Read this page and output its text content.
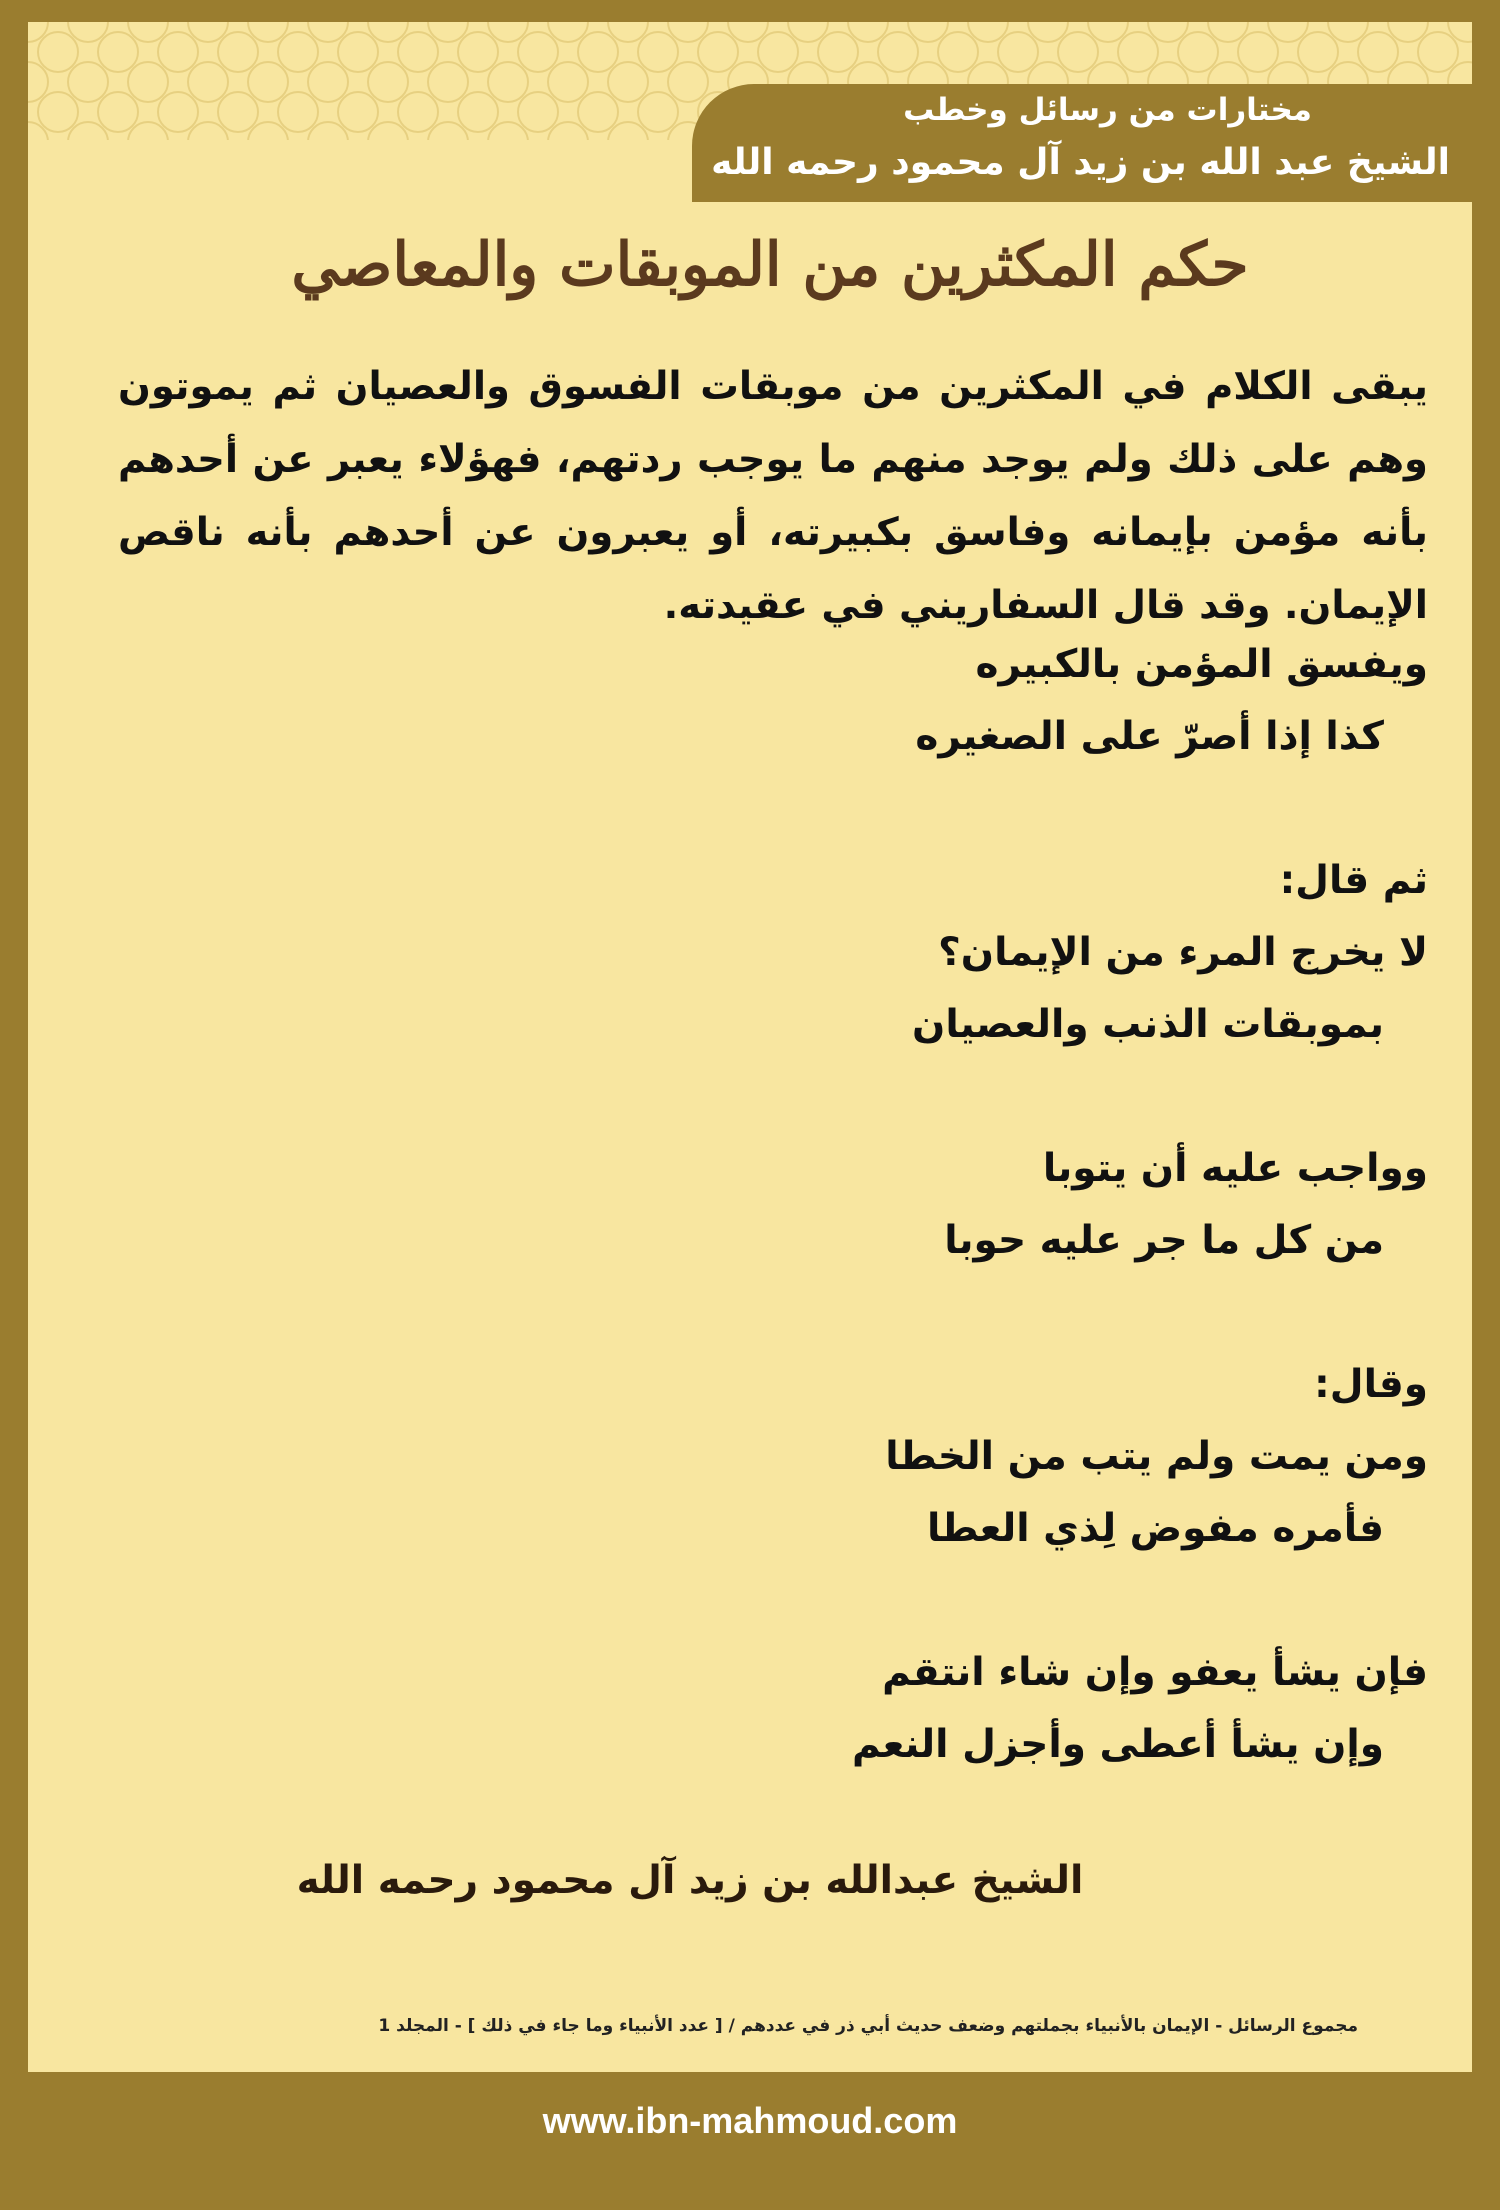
مختارات من رسائل وخطب
الشيخ عبد الله بن زيد آل محمود رحمه الله
حكم المكثرين من الموبقات والمعاصي
يبقى الكلام في المكثرين من موبقات الفسوق والعصيان ثم يموتون وهم على ذلك ولم يوجد منهم ما يوجب ردتهم، فهؤلاء يعبر عن أحدهم بأنه مؤمن بإيمانه وفاسق بكبيرته، أو يعبرون عن أحدهم بأنه ناقص الإيمان. وقد قال السفاريني في عقيدته.
ويفسق المؤمن بالكبيره
كذا إذا أصرّ على الصغيره
ثم قال:
لا يخرج المرء من الإيمان؟
بموبقات الذنب والعصيان
وواجب عليه أن يتوبا
من كل ما جر عليه حوبا
وقال:
ومن يمت ولم يتب من الخطا
فأمره مفوض لِذي العطا
فإن يشأ يعفو وإن شاء انتقم
وإن يشأ أعطى وأجزل النعم
الشيخ عبدالله بن زيد آل محمود رحمه الله
مجموع الرسائل - الإيمان بالأنبياء بجملتهم وضعف حديث أبي ذر في عددهم / [ عدد الأنبياء وما جاء في ذلك ] - المجلد 1
www.ibn-mahmoud.com
